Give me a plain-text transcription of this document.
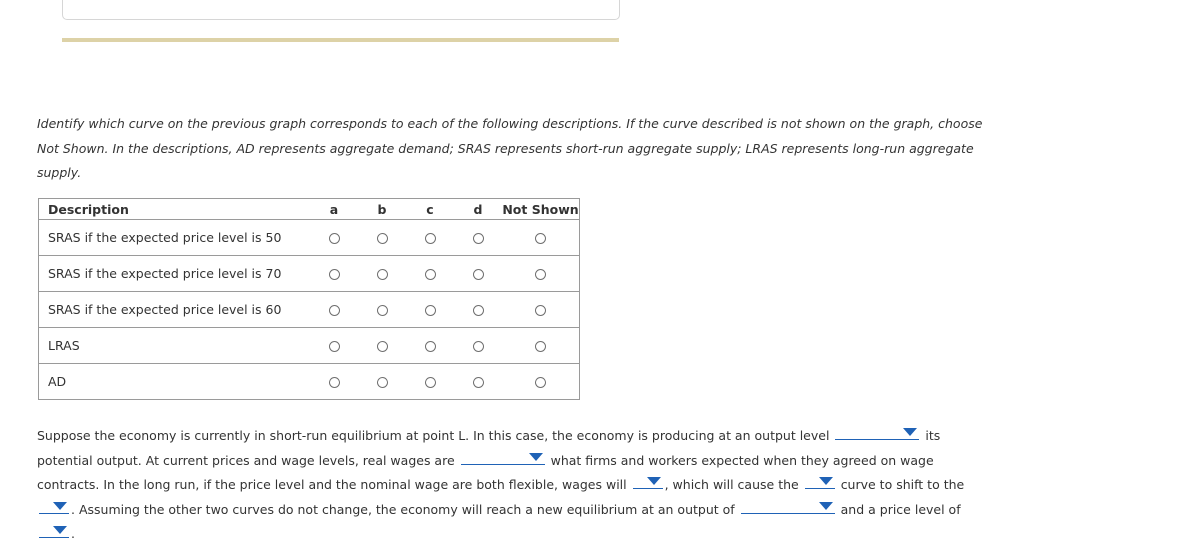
Identify which curve on the previous graph corresponds to each of the following descriptions. If the curve described is not shown on the graph, choose Not Shown. In the descriptions, AD represents aggregate demand; SRAS represents short-run aggregate supply; LRAS represents long-run aggregate supply.
Description	a	b	c	d	Not Shown
SRAS if the expected price level is 50					
SRAS if the expected price level is 70					
SRAS if the expected price level is 60					
LRAS					
AD					
Suppose the economy is currently in short-run equilibrium at point L. In this case, the economy is producing at an output level	its potential output. At current prices and wage levels, real wages are	what firms and workers expected when they agreed on wage contracts. In the long run, if the price level and the nominal wage are both flexible, wages will	, which will cause the	curve to shift to the
. Assuming the other two curves do not change, the economy will reach a new equilibrium at an output of	and a price level of
.
